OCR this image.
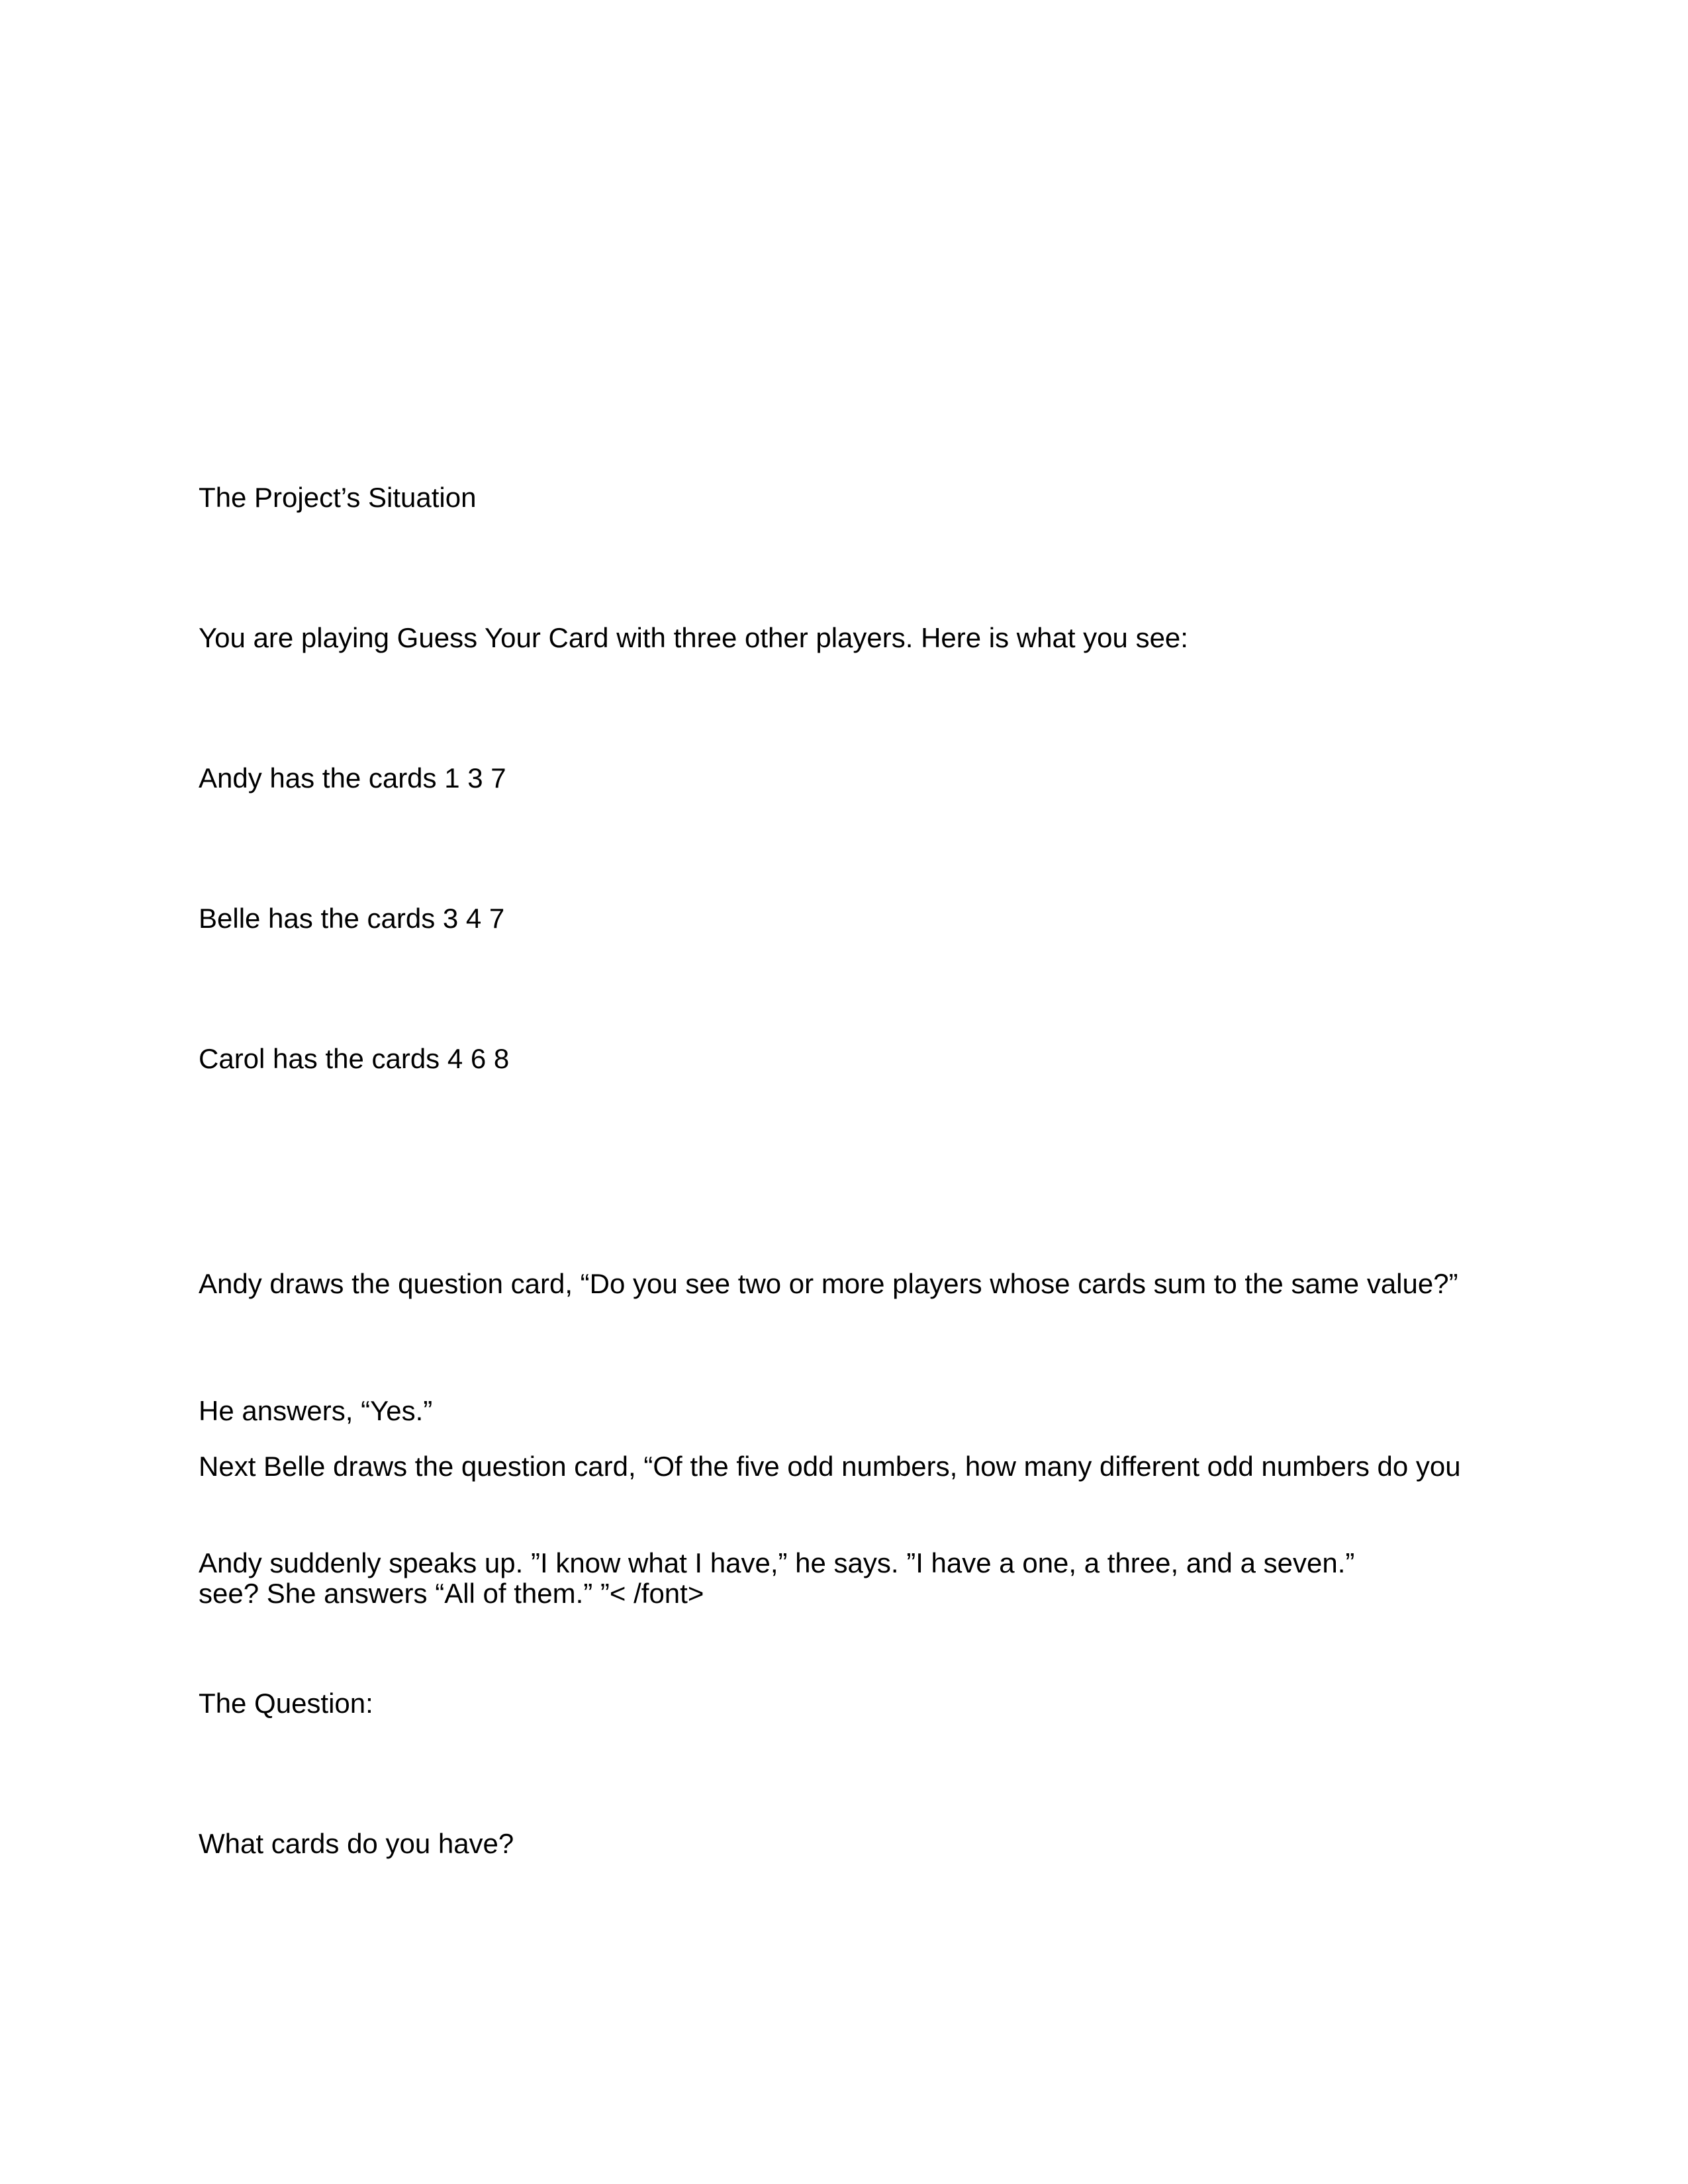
The Project’s Situation

You are playing Guess Your Card with three other players. Here is what you see:

Andy has the cards 1 3 7

Belle has the cards 3 4 7

Carol has the cards 4 6 8

Andy draws the question card, “Do you see two or more players whose cards sum to the same value?”

He answers, “Yes.”

Next Belle draws the question card, “Of the five odd numbers, how many different odd numbers do you

see? She answers “All of them.” ”< /font>

Andy suddenly speaks up. ”I know what I have,” he says. ”I have a one, a three, and a seven.”

The Question:

What cards do you have?
